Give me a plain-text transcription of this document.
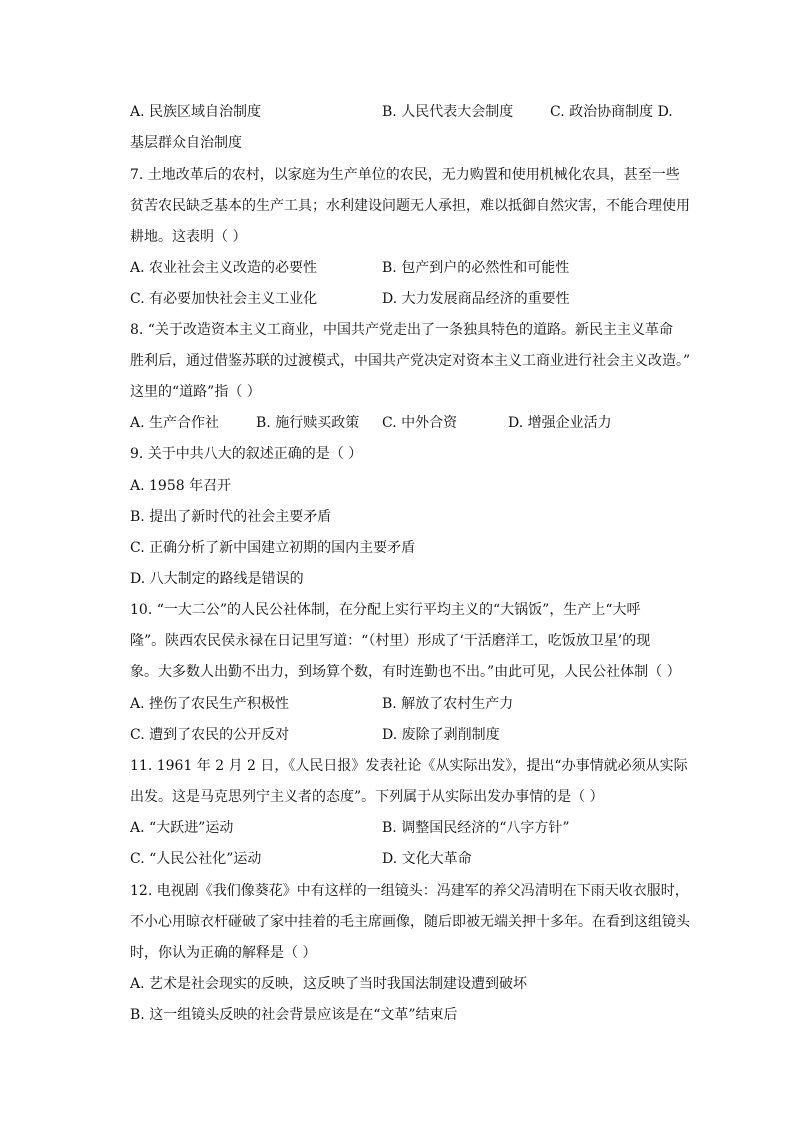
A. 民族区域自治制度	B. 人民代表大会制度	C. 政治协商制度 D.
基层群众自治制度
7. 土地改革后的农村，以家庭为生产单位的农民，无力购置和使用机械化农具，甚至一些
贫苦农民缺乏基本的生产工具；水利建设问题无人承担，难以抵御自然灾害，不能合理使用
耕地。这表明（ ）
A. 农业社会主义改造的必要性	B. 包产到户的必然性和可能性
C. 有必要加快社会主义工业化	D. 大力发展商品经济的重要性
8. “关于改造资本主义工商业，中国共产党走出了一条独具特色的道路。新民主主义革命
胜利后，通过借鉴苏联的过渡模式，中国共产党决定对资本主义工商业进行社会主义改造。”
这里的“道路”指（ ）
A. 生产合作社	B. 施行赎买政策 C. 中外合资	D. 增强企业活力
9. 关于中共八大的叙述正确的是（ ）
A. 1958 年召开
B. 提出了新时代的社会主要矛盾
C. 正确分析了新中国建立初期的国内主要矛盾
D. 八大制定的路线是错误的
10. “一大二公”的人民公社体制，在分配上实行平均主义的“大锅饭”，生产上“大呼
隆”。陕西农民侯永禄在日记里写道：“（村里）形成了‘干活磨洋工，吃饭放卫星’的现
象。大多数人出勤不出力，到场算个数，有时连勤也不出。”由此可见，人民公社体制（ ）
A. 挫伤了农民生产积极性	B. 解放了农村生产力
C. 遭到了农民的公开反对	D. 废除了剥削制度
11. 1961 年 2 月 2 日，《人民日报》发表社论《从实际出发》，提出“办事情就必须从实际
出发。这是马克思列宁主义者的态度”。下列属于从实际出发办事情的是（ ）
A. “大跃进”运动	B. 调整国民经济的“八字方针”
C. “人民公社化”运动	D. 文化大革命
12. 电视剧《我们像葵花》中有这样的一组镜头：冯建军的养父冯清明在下雨天收衣服时，
不小心用晾衣杆碰破了家中挂着的毛主席画像，随后即被无端关押十多年。在看到这组镜头
时，你认为正确的解释是（ ）
A. 艺术是社会现实的反映，这反映了当时我国法制建设遭到破坏
B. 这一组镜头反映的社会背景应该是在“文革”结束后
